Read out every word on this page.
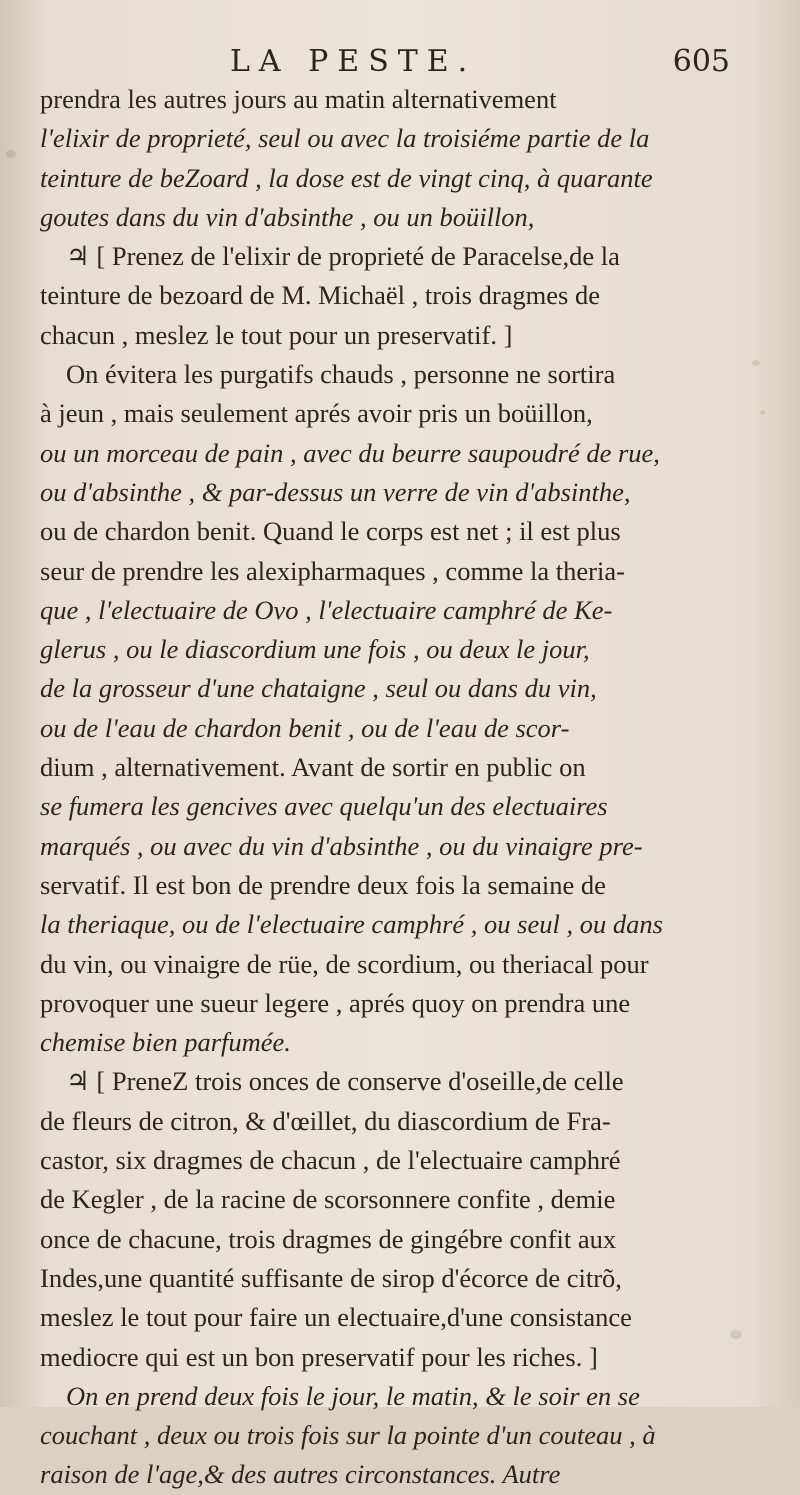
LA PESTE.	605
prendra les autres jours au matin alternativement
l'elixir de proprieté, seul ou avec la troisiéme partie de la
teinture de beZoard , la dose est de vingt cinq, à quarante
goutes dans du vin d'absinthe , ou un boüillon,
♃ [ Prenez de l'elixir de proprieté de Paracelse,de la
teinture de bezoard de M. Michaël , trois dragmes de
chacun , meslez le tout pour un preservatif. ]
On évitera les purgatifs chauds , personne ne sortira
à jeun , mais seulement aprés avoir pris un boüillon,
ou un morceau de pain , avec du beurre saupoudré de rue,
ou d'absinthe , & par-dessus un verre de vin d'absinthe,
ou de chardon benit. Quand le corps est net ; il est plus
seur de prendre les alexipharmaques , comme la theria-
que , l'electuaire de Ovo , l'electuaire camphré de Ke-
glerus , ou le diascordium une fois , ou deux le jour,
de la grosseur d'une chataigne , seul ou dans du vin,
ou de l'eau de chardon benit , ou de l'eau de scor-
dium , alternativement. Avant de sortir en public on
se fumera les gencives avec quelqu'un des electuaires
marqués , ou avec du vin d'absinthe , ou du vinaigre pre-
servatif. Il est bon de prendre deux fois la semaine de
la theriaque, ou de l'electuaire camphré , ou seul , ou dans
du vin, ou vinaigre de rüe, de scordium, ou theriacal pour
provoquer une sueur legere , aprés quoy on prendra une
chemise bien parfumée.
♃ [ PreneZ trois onces de conserve d'oseille,de celle
de fleurs de citron, & d'œillet, du diascordium de Fra-
castor, six dragmes de chacun , de l'electuaire camphré
de Kegler , de la racine de scorsonnere confite , demie
once de chacune, trois dragmes de gingébre confit aux
Indes,une quantité suffisante de sirop d'écorce de citrõ,
meslez le tout pour faire un electuaire,d'une consistance
mediocre qui est un bon preservatif pour les riches. ]
On en prend deux fois le jour, le matin, & le soir en se
couchant , deux ou trois fois sur la pointe d'un couteau , à
raison de l'age,& des autres circonstances. Autre
